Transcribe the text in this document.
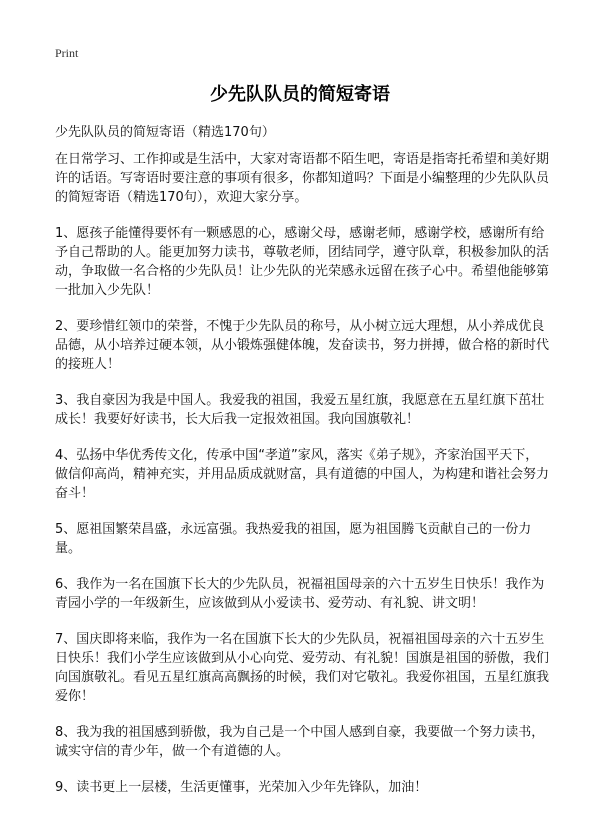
Print
少先队队员的简短寄语

少先队队员的简短寄语（精选170句）

在日常学习、工作抑或是生活中，大家对寄语都不陌生吧，寄语是指寄托希望和美好期许的话语。写寄语时要注意的事项有很多，你都知道吗？下面是小编整理的少先队队员的简短寄语（精选170句），欢迎大家分享。

1、愿孩子能懂得要怀有一颗感恩的心，感谢父母，感谢老师，感谢学校，感谢所有给予自己帮助的人。能更加努力读书，尊敬老师，团结同学，遵守队章，积极参加队的活动，争取做一名合格的少先队员！让少先队的光荣感永远留在孩子心中。希望他能够第一批加入少先队！

2、要珍惜红领巾的荣誉，不愧于少先队员的称号，从小树立远大理想，从小养成优良品德，从小培养过硬本领，从小锻炼强健体魄，发奋读书，努力拼搏，做合格的新时代的接班人！

3、我自豪因为我是中国人。我爱我的祖国，我爱五星红旗，我愿意在五星红旗下茁壮成长！我要好好读书，长大后我一定报效祖国。我向国旗敬礼！

4、弘扬中华优秀传文化，传承中国“孝道”家风，落实《弟子规》，齐家治国平天下，做信仰高尚，精神充实，并用品质成就财富，具有道德的中国人，为构建和谐社会努力奋斗！

5、愿祖国繁荣昌盛，永远富强。我热爱我的祖国，愿为祖国腾飞贡献自己的一份力量。

6、我作为一名在国旗下长大的少先队员，祝福祖国母亲的六十五岁生日快乐！我作为青园小学的一年级新生，应该做到从小爱读书、爱劳动、有礼貌、讲文明！

7、国庆即将来临，我作为一名在国旗下长大的少先队员，祝福祖国母亲的六十五岁生日快乐！我们小学生应该做到从小心向党、爱劳动、有礼貌！国旗是祖国的骄傲，我们向国旗敬礼。看见五星红旗高高飘扬的时候，我们对它敬礼。我爱你祖国，五星红旗我爱你！

8、我为我的祖国感到骄傲，我为自己是一个中国人感到自豪，我要做一个努力读书，诚实守信的青少年，做一个有道德的人。

9、读书更上一层楼，生活更懂事，光荣加入少年先锋队，加油！
